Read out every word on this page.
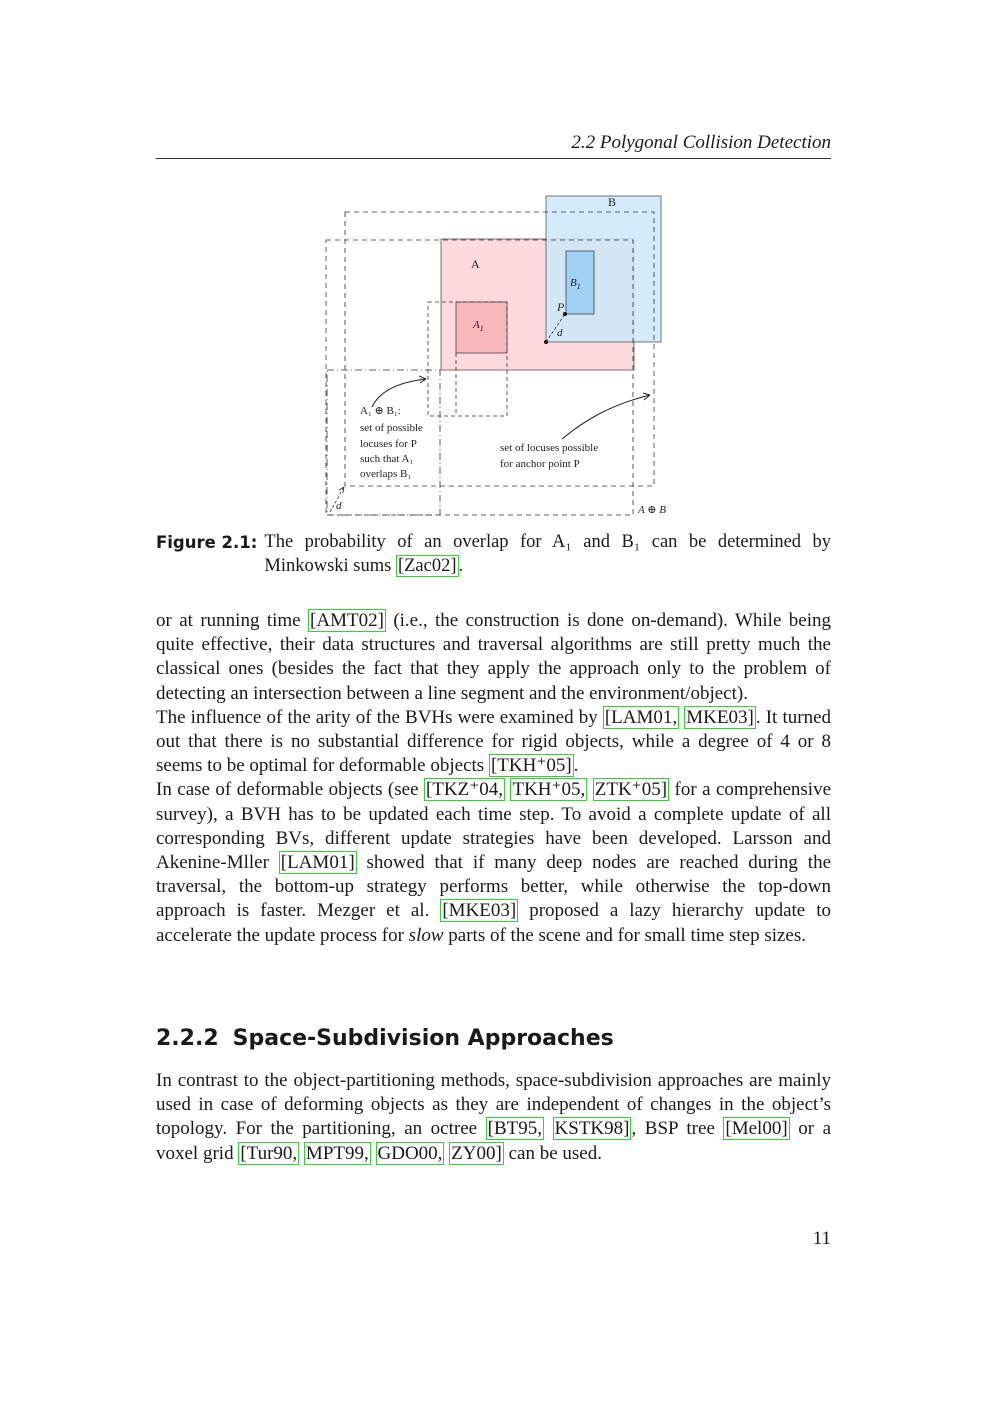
2.2 Polygonal Collision Detection
B
A
$A_1$
$B_1$
P
d
d
A₁ ⊕ B₁: set of possible locuses for P such that A₁ overlaps B₁
set of locuses possible for anchor point P
A ⊕ B
Figure 2.1: The probability of an overlap for A₁ and B₁ can be determined by Minkowski sums [Zac02] .

or at running time [AMT02] (i.e., the construction is done on-demand). While being quite effective, their data structures and traversal algorithms are still pretty much the classical ones (besides the fact that they apply the approach only to the problem of detecting an intersection between a line segment and the environment/object).

The influence of the arity of the BVHs were examined by [LAM01, MKE03] . It turned out that there is no substantial difference for rigid objects, while a degree of 4 or 8 seems to be optimal for deformable objects [TKH⁺05] .

In case of deformable objects (see [TKZ⁺04, TKH⁺05, ZTK⁺05] for a comprehensive survey), a BVH has to be updated each time step. To avoid a complete update of all corresponding BVs, different update strategies have been developed. Larsson and Akenine-Mller [LAM01] showed that if many deep nodes are reached during the traversal, the bottom-up strategy performs better, while otherwise the top-down approach is faster. Mezger et al. [MKE03] proposed a lazy hierarchy update to accelerate the update process for slow parts of the scene and for small time step sizes.

2.2.2 Space-Subdivision Approaches

In contrast to the object-partitioning methods, space-subdivision approaches are mainly used in case of deforming objects as they are independent of changes in the object’s topology. For the partitioning, an octree [BT95, KSTK98] , BSP tree [Mel00] or a voxel grid [Tur90, MPT99, GDO00, ZY00] can be used.

11
